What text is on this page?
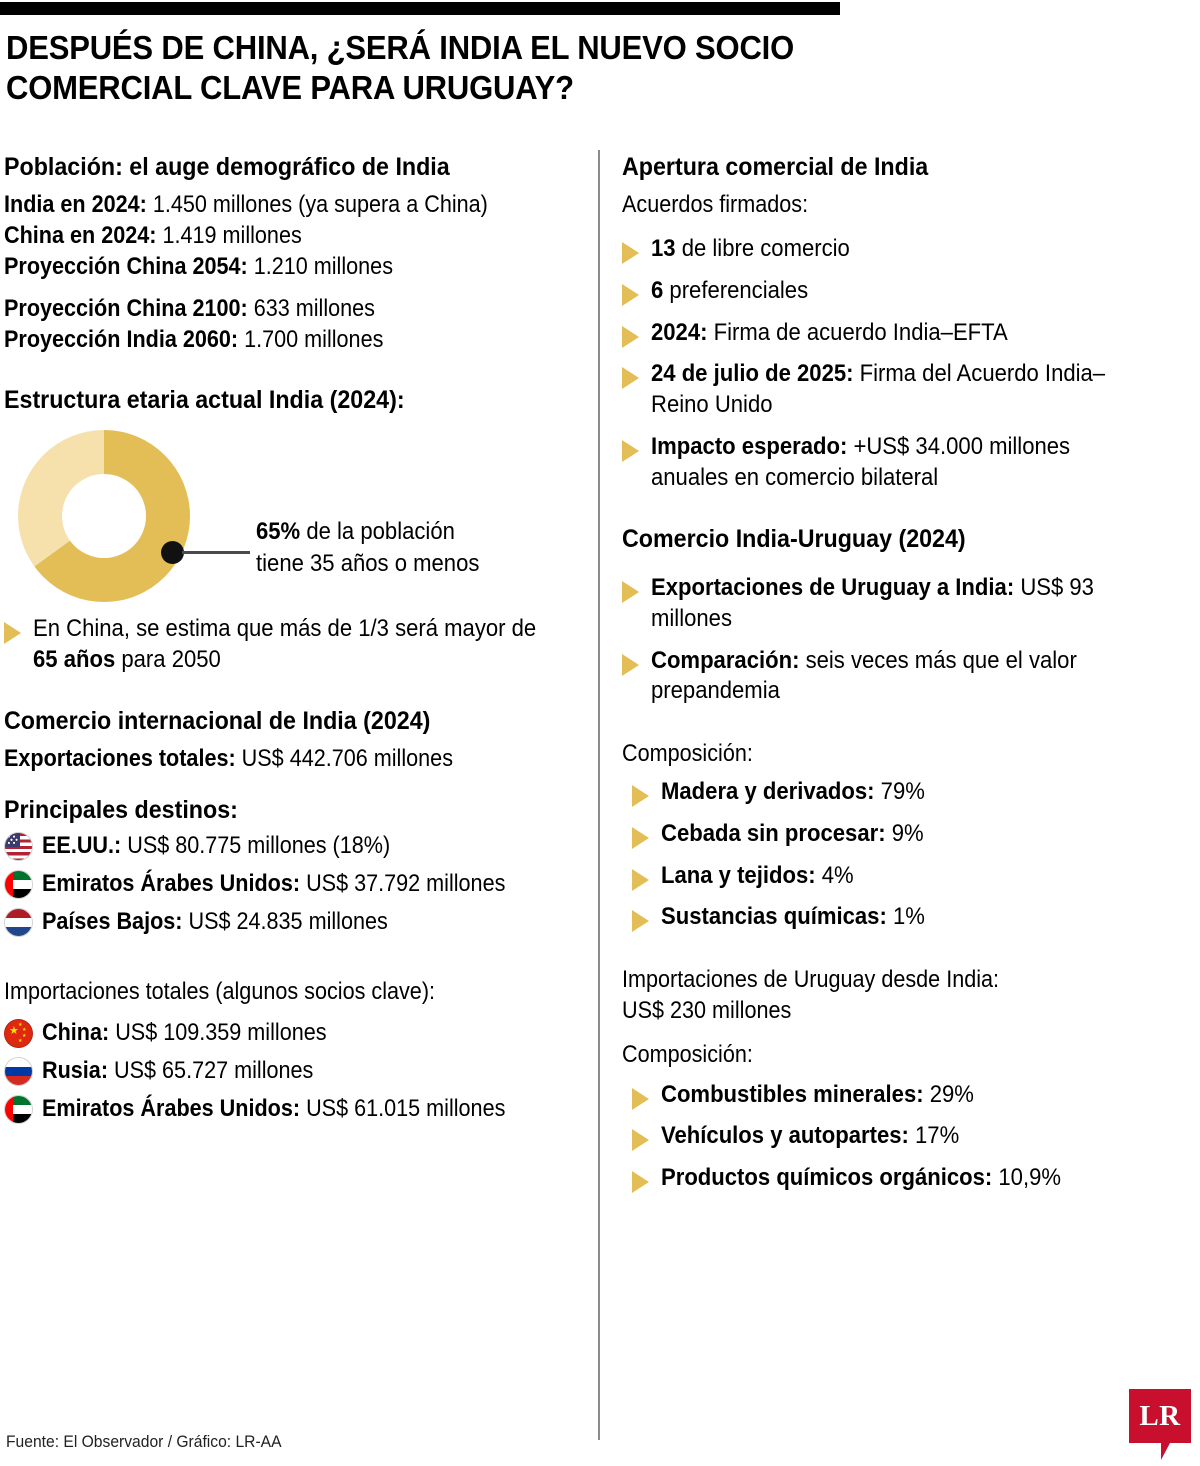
DESPUÉS DE CHINA, ¿SERÁ INDIA EL NUEVO SOCIO COMERCIAL CLAVE PARA URUGUAY?
Población: el auge demográfico de India
India en 2024: 1.450 millones (ya supera a China)
China en 2024: 1.419 millones
Proyección China 2054: 1.210 millones
Proyección China 2100: 633 millones
Proyección India 2060: 1.700 millones
Estructura etaria actual India (2024):
65% de la población
tiene 35 años o menos
En China, se estima que más de 1/3 será mayor de 65 años para 2050
Comercio internacional de India (2024)
Exportaciones totales: US$ 442.706 millones
Principales destinos:
EE.UU.: US$ 80.775 millones (18%)
Emiratos Árabes Unidos: US$ 37.792 millones
Países Bajos: US$ 24.835 millones
Importaciones totales (algunos socios clave):
★ ★
★
★
★ China: US$ 109.359 millones
Rusia: US$ 65.727 millones
Emiratos Árabes Unidos: US$ 61.015 millones
Apertura comercial de India
Acuerdos firmados:
13 de libre comercio
6 preferenciales
2024: Firma de acuerdo India–EFTA
24 de julio de 2025: Firma del Acuerdo India–Reino Unido
Impacto esperado: +US$ 34.000 millones anuales en comercio bilateral
Comercio India-Uruguay (2024)
Exportaciones de Uruguay a India: US$ 93 millones
Comparación: seis veces más que el valor prepandemia
Composición:
Madera y derivados: 79%
Cebada sin procesar: 9%
Lana y tejidos: 4%
Sustancias químicas: 1%
Importaciones de Uruguay desde India:
US$ 230 millones
Composición:
Combustibles minerales: 29%
Vehículos y autopartes: 17%
Productos químicos orgánicos: 10,9%
Fuente: El Observador / Gráfico: LR-AA
LR
